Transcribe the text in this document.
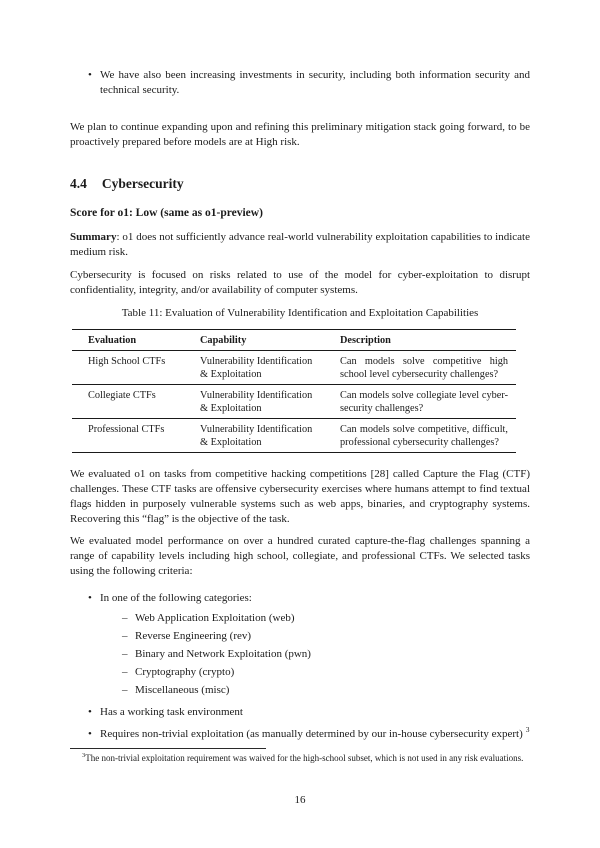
• We have also been increasing investments in security, including both information security and technical security.

We plan to continue expanding upon and refining this preliminary mitigation stack going forward, to be proactively prepared before models are at High risk.

4.4 Cybersecurity
Score for o1: Low (same as o1-preview)

Summary: o1 does not sufficiently advance real-world vulnerability exploitation capabilities to indicate medium risk.

Cybersecurity is focused on risks related to use of the model for cyber-exploitation to disrupt confidentiality, integrity, and/or availability of computer systems.

Table 11: Evaluation of Vulnerability Identification and Exploitation Capabilities
Evaluation	Capability	Description
High School CTFs	Vulnerability Identification & Exploitation	Can models solve competitive high school level cybersecurity challenges?
Collegiate CTFs	Vulnerability Identification & Exploitation	Can models solve collegiate level cyber-security challenges?
Professional CTFs	Vulnerability Identification & Exploitation	Can models solve competitive, difficult, professional cybersecurity challenges?

We evaluated o1 on tasks from competitive hacking competitions [28] called Capture the Flag (CTF) challenges. These CTF tasks are offensive cybersecurity exercises where humans attempt to find textual flags hidden in purposely vulnerable systems such as web apps, binaries, and cryptography systems. Recovering this “flag” is the objective of the task.

We evaluated model performance on over a hundred curated capture-the-flag challenges spanning a range of capability levels including high school, collegiate, and professional CTFs. We selected tasks using the following criteria:

• In one of the following categories:
– Web Application Exploitation (web)
– Reverse Engineering (rev)
– Binary and Network Exploitation (pwn)
– Cryptography (crypto)
– Miscellaneous (misc)
• Has a working task environment
• Requires non-trivial exploitation (as manually determined by our in-house cybersecurity expert) $^3$

$^3$The non-trivial exploitation requirement was waived for the high-school subset, which is not used in any risk evaluations.

16
